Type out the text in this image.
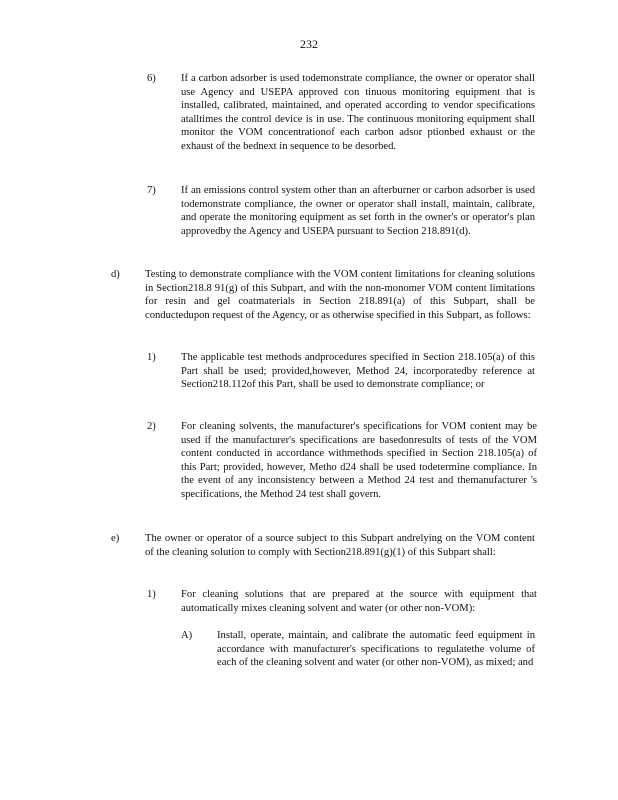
232
6) If a carbon adsorber is used todemonstrate compliance, the owner or operator shall use Agency and USEPA approved con tinuous monitoring equipment that is installed, calibrated, maintained, and operated according to vendor specifications atalltimes the control device is in use. The continuous monitoring equipment shall monitor the VOM concentrationof each carbon adsor ptionbed exhaust or the exhaust of the bednext in sequence to be desorbed.
7) If an emissions control system other than an afterburner or carbon adsorber is used todemonstrate compliance, the owner or operator shall install, maintain, calibrate, and operate the monitoring equipment as set forth in the owner's or operator's plan approvedby the Agency and USEPA pursuant to Section 218.891(d).
d) Testing to demonstrate compliance with the VOM content limitations for cleaning solutions in Section218.8 91(g) of this Subpart, and with the non-monomer VOM content limitations for resin and gel coatmaterials in Section 218.891(a) of this Subpart, shall be conductedupon request of the Agency, or as otherwise specified in this Subpart, as follows:
1) The applicable test methods andprocedures specified in Section 218.105(a) of this Part shall be used; provided,however, Method 24, incorporatedby reference at Section218.112of this Part, shall be used to demonstrate compliance; or
2) For cleaning solvents, the manufacturer's specifications for VOM content may be used if the manufacturer's specifications are basedonresults of tests of the VOM content conducted in accordance withmethods specified in Section 218.105(a) of this Part; provided, however, Metho d24 shall be used todetermine compliance. In the event of any inconsistency between a Method 24 test and themanufacturer 's specifications, the Method 24 test shall govern.
e) The owner or operator of a source subject to this Subpart andrelying on the VOM content of the cleaning solution to comply with Section218.891(g)(1) of this Subpart shall:
1) For cleaning solutions that are prepared at the source with equipment that automatically mixes cleaning solvent and water (or other non-VOM):
A) Install, operate, maintain, and calibrate the automatic feed equipment in accordance with manufacturer's specifications to regulatethe volume of each of the cleaning solvent and water (or other non-VOM), as mixed; and
